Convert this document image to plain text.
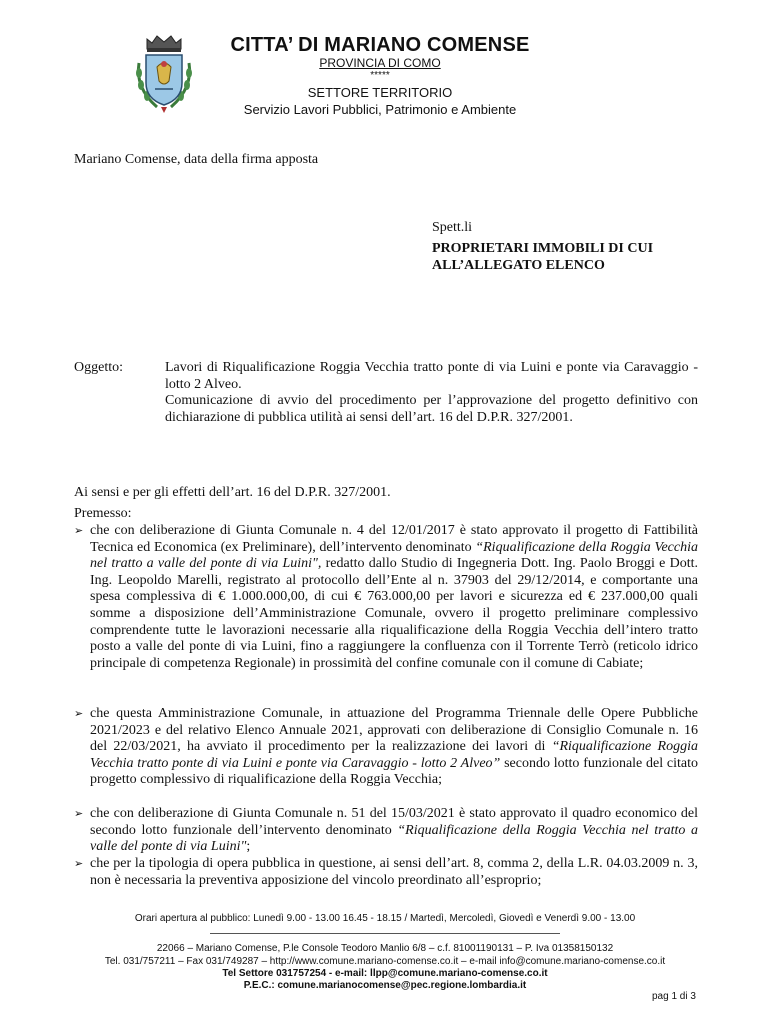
CITTA’ DI MARIANO COMENSE
PROVINCIA DI COMO
*****
SETTORE TERRITORIO
Servizio Lavori Pubblici, Patrimonio e Ambiente
Mariano Comense, data della firma apposta
Spett.li
PROPRIETARI IMMOBILI DI CUI
ALL’ALLEGATO ELENCO
Oggetto:	Lavori di Riqualificazione Roggia Vecchia tratto ponte di via Luini e ponte via Caravaggio - lotto 2 Alveo.
Comunicazione di avvio del procedimento per l’approvazione del progetto definitivo con dichiarazione di pubblica utilità ai sensi dell’art. 16 del D.P.R. 327/2001.
Ai sensi e per gli effetti dell’art. 16 del D.P.R. 327/2001.
Premesso:
➢ che con deliberazione di Giunta Comunale n. 4 del 12/01/2017 è stato approvato il progetto di Fattibilità Tecnica ed Economica (ex Preliminare), dell’intervento denominato “Riqualificazione della Roggia Vecchia nel tratto a valle del ponte di via Luini", redatto dallo Studio di Ingegneria Dott. Ing. Paolo Broggi e Dott. Ing. Leopoldo Marelli, registrato al protocollo dell’Ente al n. 37903 del 29/12/2014, e comportante una spesa complessiva di € 1.000.000,00, di cui € 763.000,00 per lavori e sicurezza ed € 237.000,00 quali somme a disposizione dell’Amministrazione Comunale, ovvero il progetto preliminare complessivo comprendente tutte le lavorazioni necessarie alla riqualificazione della Roggia Vecchia dell’intero tratto posto a valle del ponte di via Luini, fino a raggiungere la confluenza con il Torrente Terrò (reticolo idrico principale di competenza Regionale) in prossimità del confine comunale con il comune di Cabiate;
➢ che questa Amministrazione Comunale, in attuazione del Programma Triennale delle Opere Pubbliche 2021/2023 e del relativo Elenco Annuale 2021, approvati con deliberazione di Consiglio Comunale n. 16 del 22/03/2021, ha avviato il procedimento per la realizzazione dei lavori di “Riqualificazione Roggia Vecchia tratto ponte di via Luini e ponte via Caravaggio - lotto 2 Alveo” secondo lotto funzionale del citato progetto complessivo di riqualificazione della Roggia Vecchia;
➢ che con deliberazione di Giunta Comunale n. 51 del 15/03/2021 è stato approvato il quadro economico del secondo lotto funzionale dell’intervento denominato “Riqualificazione della Roggia Vecchia nel tratto a valle del ponte di via Luini";
➢ che per la tipologia di opera pubblica in questione, ai sensi dell’art. 8, comma 2, della L.R. 04.03.2009 n. 3, non è necessaria la preventiva apposizione del vincolo preordinato all’esproprio;
Orari apertura al pubblico: Lunedì 9.00 - 13.00 16.45 - 18.15 / Martedì, Mercoledì, Giovedì e Venerdì 9.00 - 13.00
22066 – Mariano Comense, P.le Console Teodoro Manlio 6/8 – c.f. 81001190131 – P. Iva 01358150132
Tel. 031/757211 – Fax 031/749287 – http://www.comune.mariano-comense.co.it – e-mail info@comune.mariano-comense.co.it
Tel Settore 031757254 - e-mail: llpp@comune.mariano-comense.co.it
P.E.C.: comune.marianocomense@pec.regione.lombardia.it
pag 1 di 3
